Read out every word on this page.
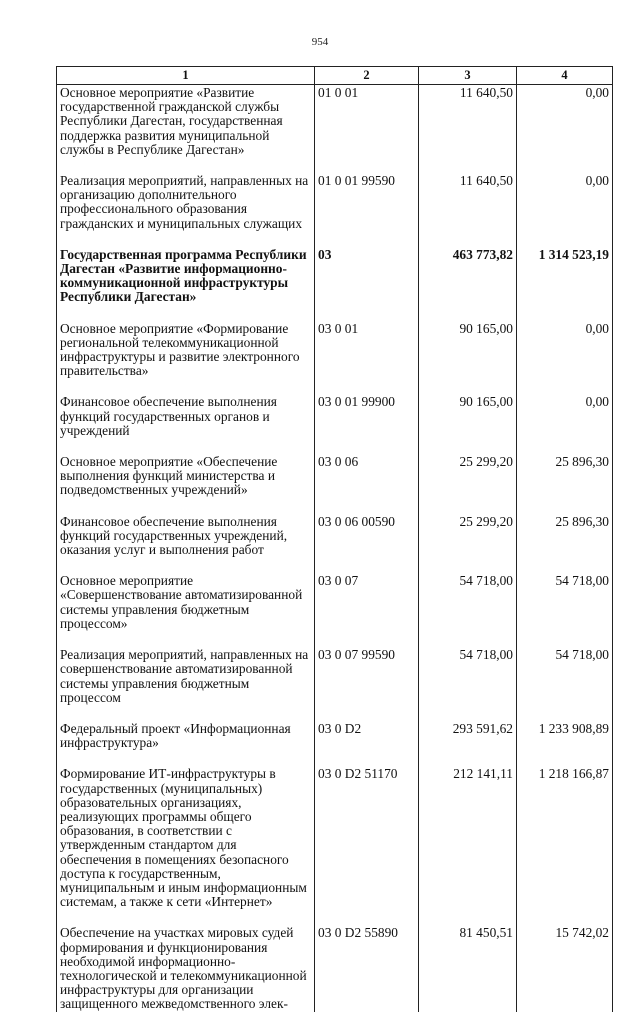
954
1	2	3	4
Основное мероприятие «Развитие государственной гражданской службы Республики Дагестан, государственная поддержка развития муниципальной службы в Республике Дагестан»	01 0 01	11 640,50	0,00
Реализация мероприятий, направленных на организацию дополнительного профессионального образования гражданских и муниципальных служащих	01 0 01 99590	11 640,50	0,00
Государственная программа Республики Дагестан «Развитие информационно-коммуникационной инфраструктуры Республики Дагестан»	03	463 773,82	1 314 523,19
Основное мероприятие «Формирование региональной телекоммуникационной инфраструктуры и развитие электронного правительства»	03 0 01	90 165,00	0,00
Финансовое обеспечение выполнения функций государственных органов и учреждений	03 0 01 99900	90 165,00	0,00
Основное мероприятие «Обеспечение выполнения функций министерства и подведомственных учреждений»	03 0 06	25 299,20	25 896,30
Финансовое обеспечение выполнения функций государственных учреждений, оказания услуг и выполнения работ	03 0 06 00590	25 299,20	25 896,30
Основное мероприятие «Совершенствование автоматизированной системы управления бюджетным процессом»	03 0 07	54 718,00	54 718,00
Реализация мероприятий, направленных на совершенствование автоматизированной системы управления бюджетным процессом	03 0 07 99590	54 718,00	54 718,00
Федеральный проект «Информационная инфраструктура»	03 0 D2	293 591,62	1 233 908,89
Формирование ИТ-инфраструктуры в государственных (муниципальных) образовательных организациях, реализующих программы общего образования, в соответствии с утвержденным стандартом для обеспечения в помещениях безопасного доступа к государственным, муниципальным и иным информационным системам, а также к сети «Интернет»	03 0 D2 51170	212 141,11	1 218 166,87
Обеспечение на участках мировых судей формирования и функционирования необходимой информационно-технологической и телекоммуникационной инфраструктуры для организации защищенного межведомственного элек-	03 0 D2 55890	81 450,51	15 742,02
